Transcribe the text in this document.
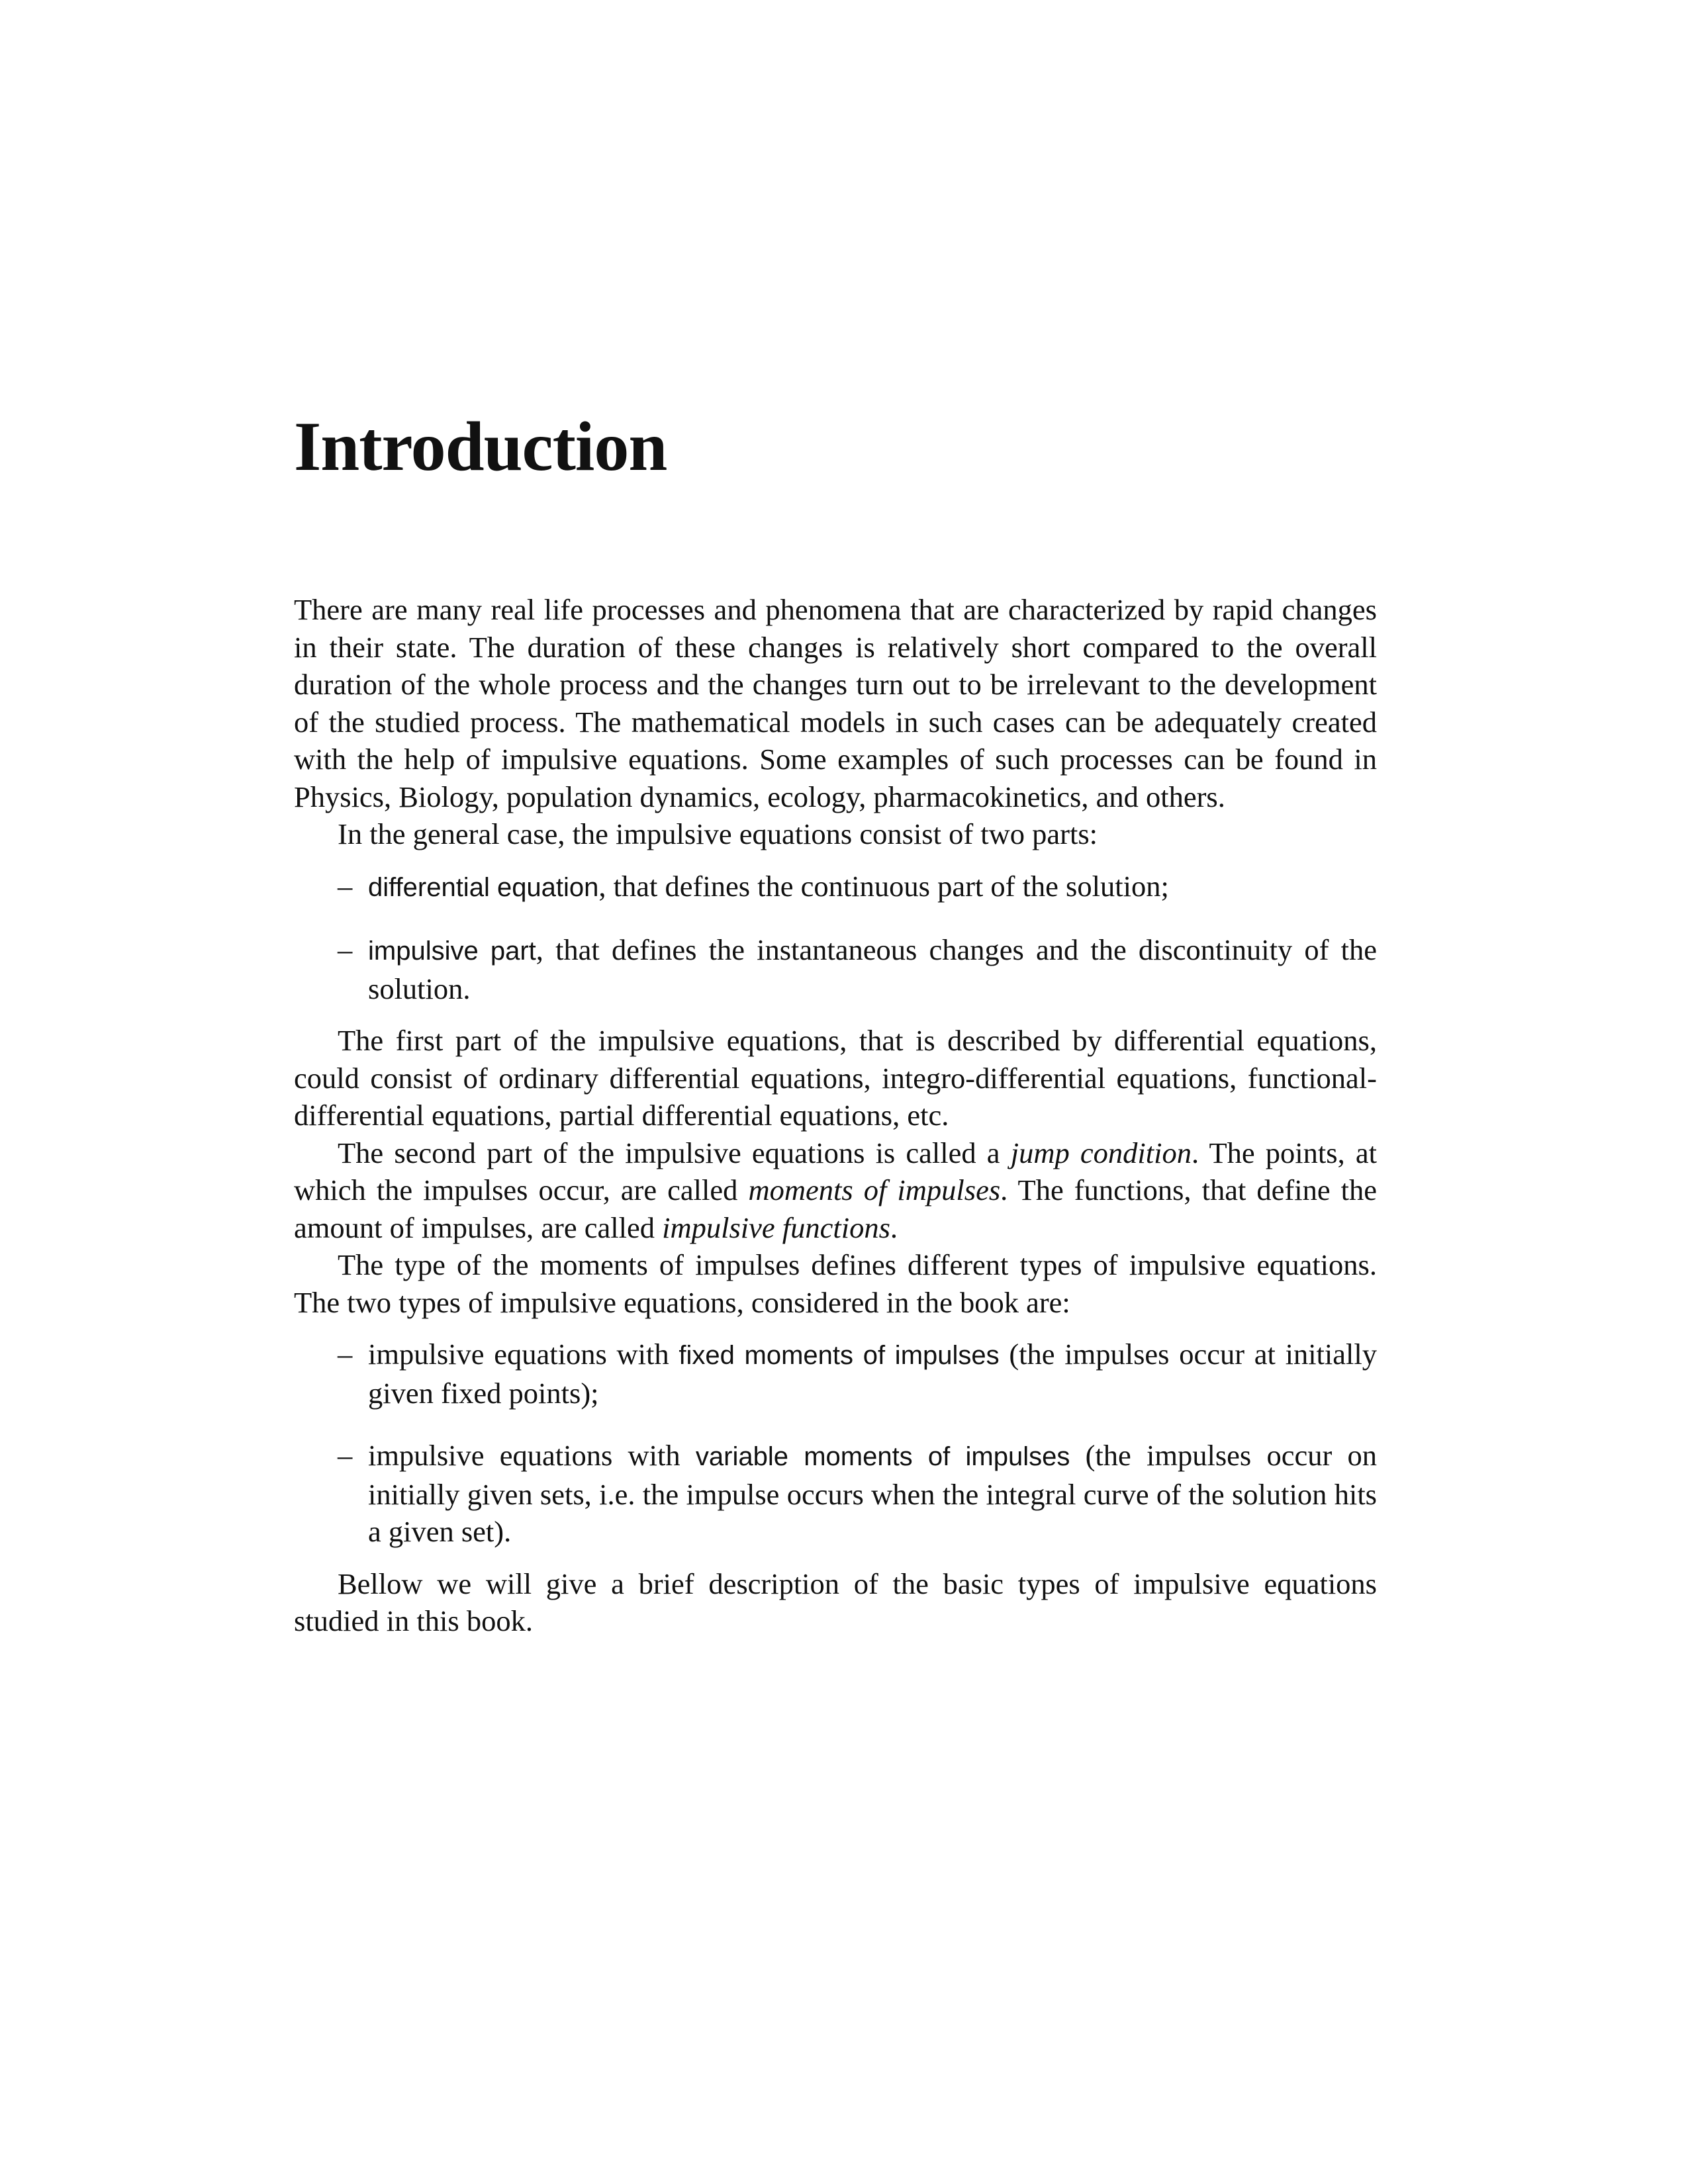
Introduction

There are many real life processes and phenomena that are characterized by rapid changes in their state. The duration of these changes is relatively short compared to the overall duration of the whole process and the changes turn out to be irrelevant to the development of the studied process. The mathematical models in such cases can be adequately created with the help of impulsive equations. Some examples of such processes can be found in Physics, Biology, population dynamics, ecology, pharmacokinetics, and others.

In the general case, the impulsive equations consist of two parts:

– differential equation, that defines the continuous part of the solution;
– impulsive part, that defines the instantaneous changes and the discontinuity of the solution.

The first part of the impulsive equations, that is described by differential equations, could consist of ordinary differential equations, integro-differential equations, functional-differential equations, partial differential equations, etc.

The second part of the impulsive equations is called a jump condition. The points, at which the impulses occur, are called moments of impulses. The functions, that define the amount of impulses, are called impulsive functions.

The type of the moments of impulses defines different types of impulsive equations. The two types of impulsive equations, considered in the book are:

– impulsive equations with fixed moments of impulses (the impulses occur at initially given fixed points);
– impulsive equations with variable moments of impulses (the impulses occur on initially given sets, i.e. the impulse occurs when the integral curve of the solution hits a given set).

Bellow we will give a brief description of the basic types of impulsive equations studied in this book.
